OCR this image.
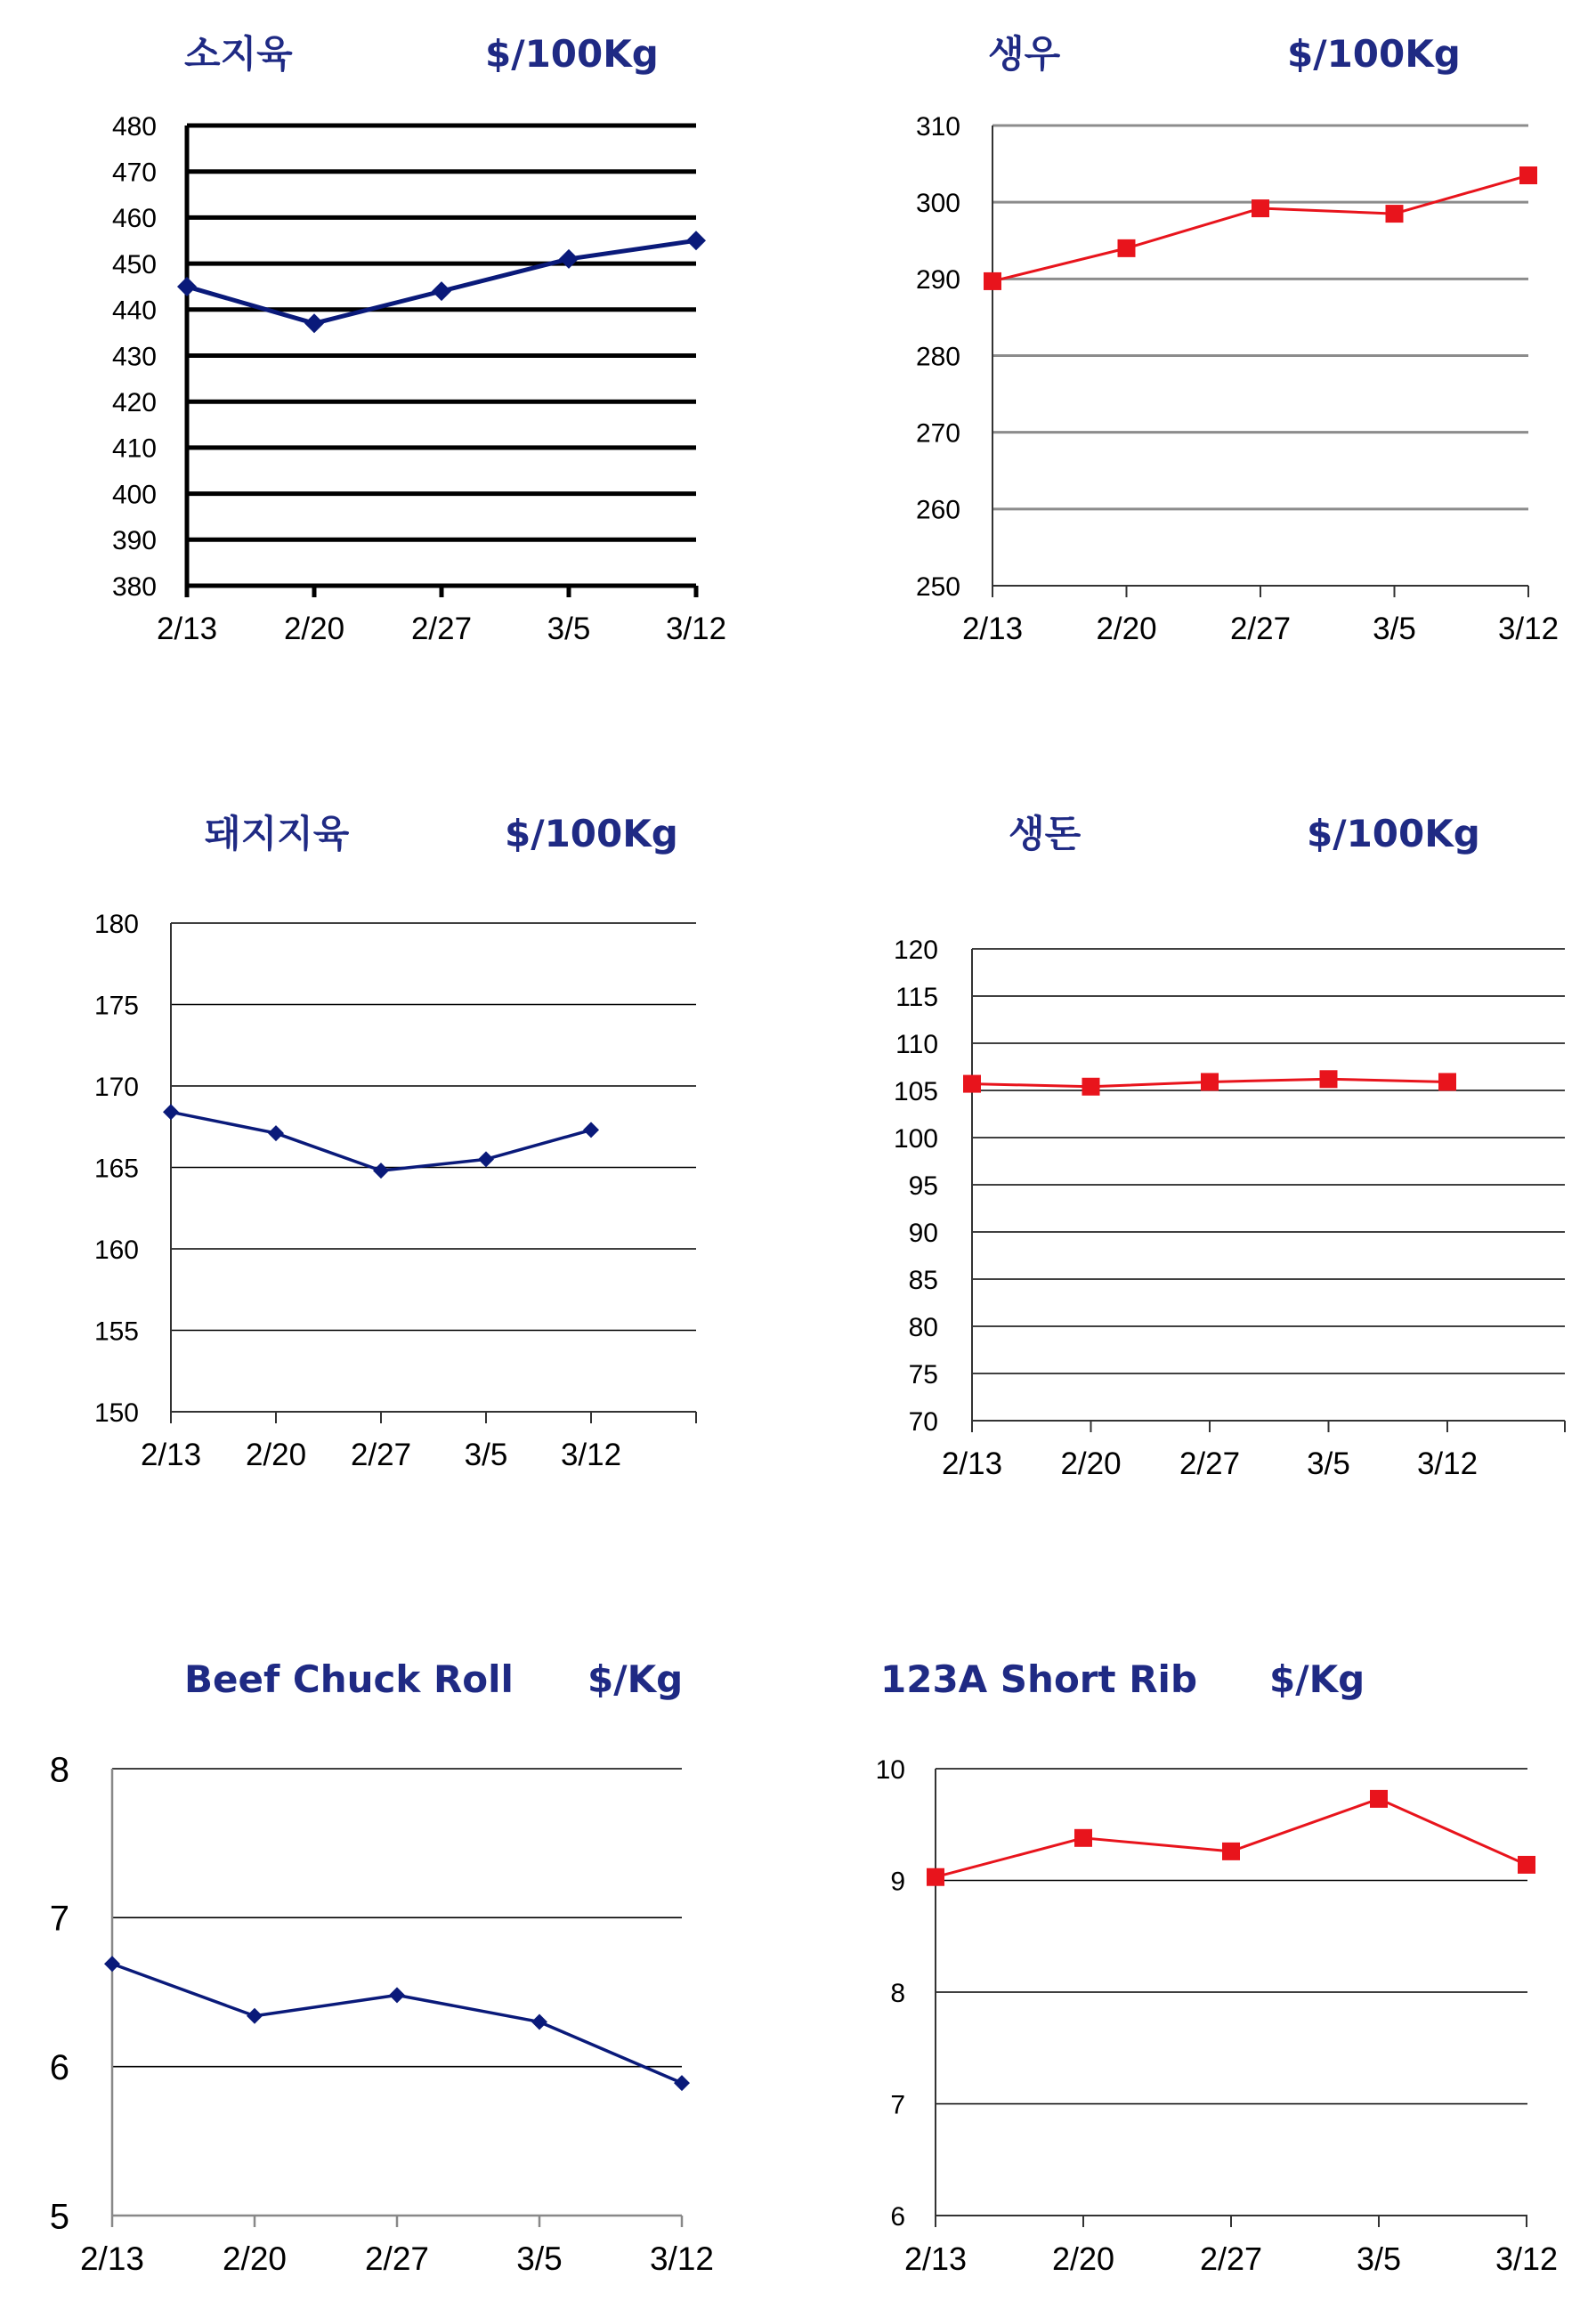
380
390
400
410
420
430
440
450
460
470
480
2/13 2/20 2/27 3/5 3/12
소지육	$/100Kg
250
260
270
280
290
300
310
2/13 2/20 2/27	3/5	3/12
생우	$/100Kg
150
155
160
165
170
175
180
2/13 2/20 2/27 3/5 3/12
돼지지육	$/100Kg
70
75
80
85
90
95
100
105
110
115
120
2/13 2/20 2/27 3/5 3/12
생돈	$/100Kg
5
6
7
8
2/13 2/20 2/27	3/5	3/12
Beef Chuck Roll $/Kg
6
7
8
9
10
2/13	2/20	2/27	3/5	3/12
123A Short Rib $/Kg
